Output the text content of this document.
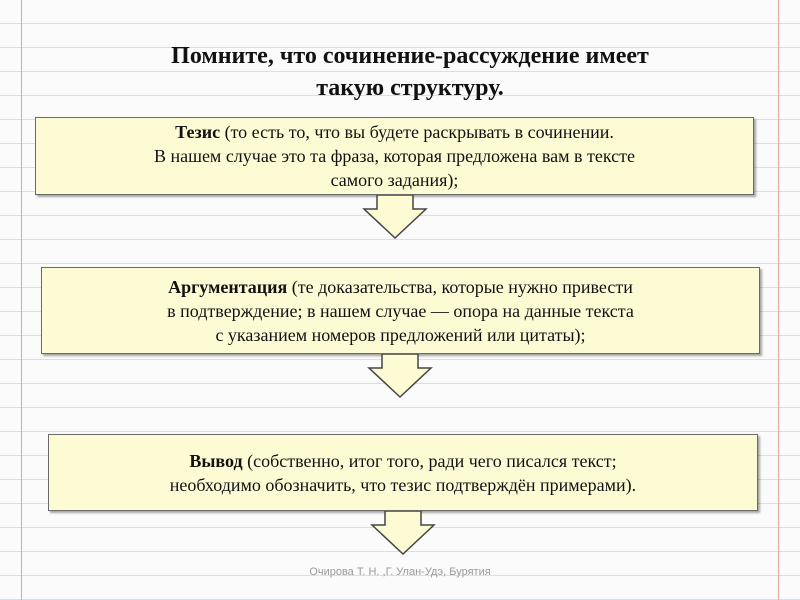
Помните, что сочинение-рассуждение имеет
такую структуру.
Тезис (то есть то, что вы будете раскрывать в сочинении.
В нашем случае это та фраза, которая предложена вам в тексте
самого задания);
Аргументация (те доказательства, которые нужно привести
в подтверждение; в нашем случае — опора на данные текста
с указанием номеров предложений или цитаты);
Вывод (собственно, итог того, ради чего писался текст;
необходимо обозначить, что тезис подтверждён примерами).
Очирова Т. Н. ,Г. Улан-Удэ, Бурятия
